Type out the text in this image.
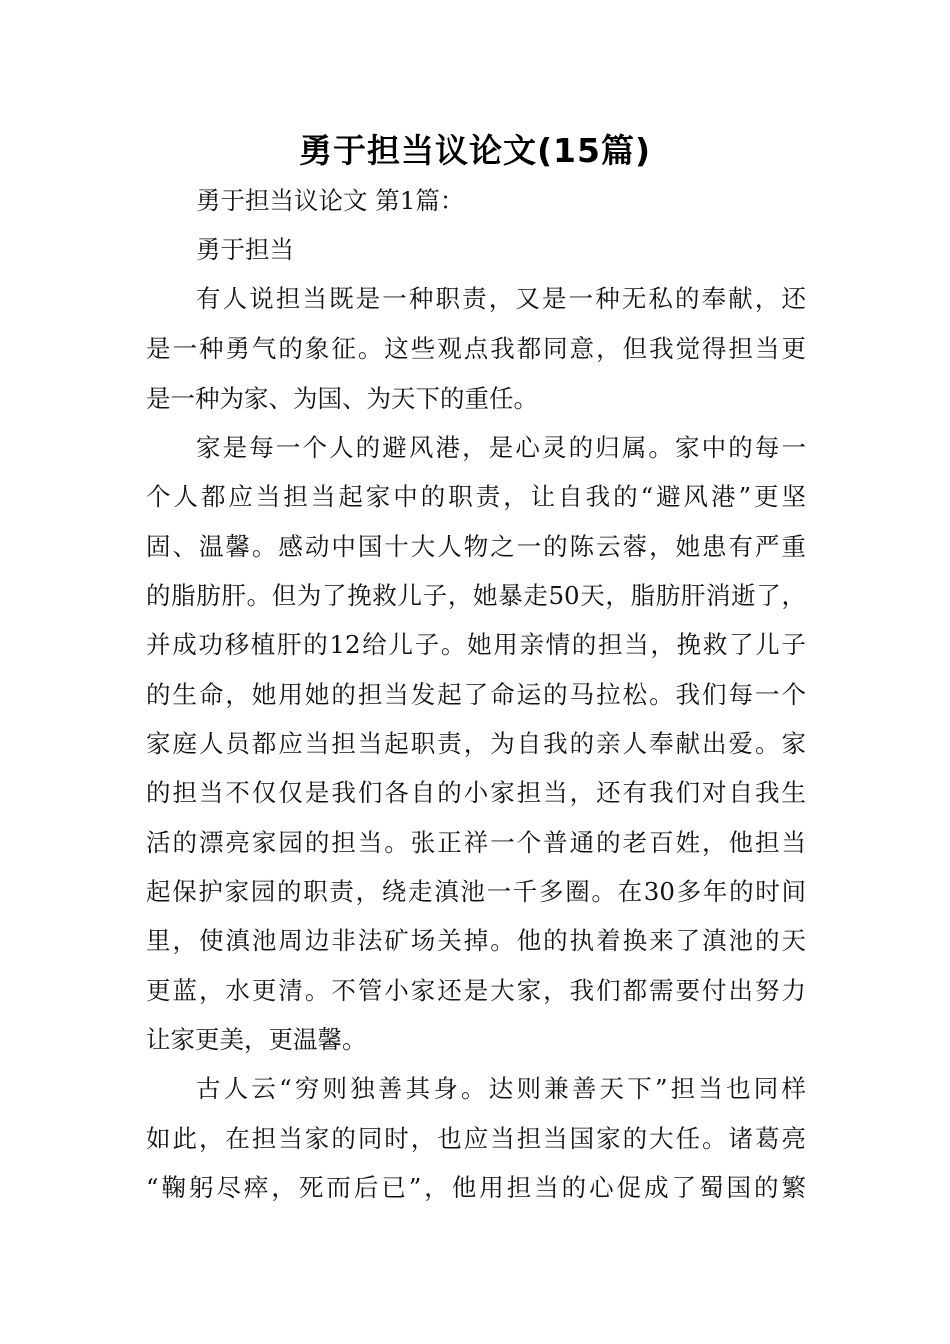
勇于担当议论文(15篇)
勇于担当议论文 第1篇：
勇于担当
有人说担当既是一种职责，又是一种无私的奉献，还
是一种勇气的象征。这些观点我都同意，但我觉得担当更
是一种为家、为国、为天下的重任。
家是每一个人的避风港，是心灵的归属。家中的每一
个人都应当担当起家中的职责，让自我的“避风港”更坚
固、温馨。感动中国十大人物之一的陈云蓉，她患有严重
的脂肪肝。但为了挽救儿子，她暴走50天，脂肪肝消逝了，
并成功移植肝的12给儿子。她用亲情的担当，挽救了儿子
的生命，她用她的担当发起了命运的马拉松。我们每一个
家庭人员都应当担当起职责，为自我的亲人奉献出爱。家
的担当不仅仅是我们各自的小家担当，还有我们对自我生
活的漂亮家园的担当。张正祥一个普通的老百姓，他担当
起保护家园的职责，绕走滇池一千多圈。在30多年的时间
里，使滇池周边非法矿场关掉。他的执着换来了滇池的天
更蓝，水更清。不管小家还是大家，我们都需要付出努力
让家更美，更温馨。
古人云“穷则独善其身。达则兼善天下”担当也同样
如此，在担当家的同时，也应当担当国家的大任。诸葛亮
“鞠躬尽瘁，死而后已”，他用担当的心促成了蜀国的繁
